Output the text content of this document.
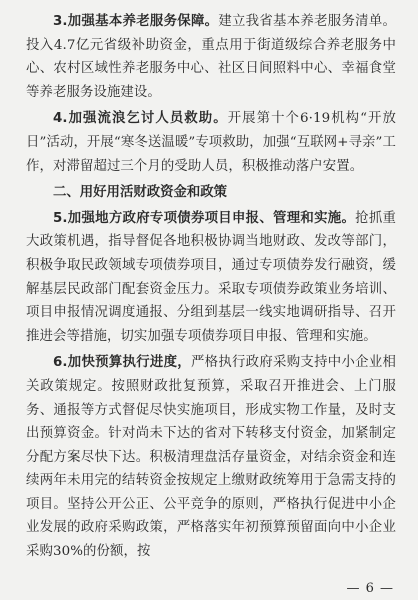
3.加强基本养老服务保障。建立我省基本养老服务清单。投入4.7亿元省级补助资金，重点用于街道级综合养老服务中心、农村区域性养老服务中心、社区日间照料中心、幸福食堂等养老服务设施建设。

4.加强流浪乞讨人员救助。开展第十个6·19机构“开放日”活动，开展“寒冬送温暖”专项救助，加强“互联网+寻亲”工作，对滞留超过三个月的受助人员，积极推动落户安置。

二、用好用活财政资金和政策

5.加强地方政府专项债券项目申报、管理和实施。抢抓重大政策机遇，指导督促各地积极协调当地财政、发改等部门，积极争取民政领域专项债券项目，通过专项债券发行融资，缓解基层民政部门配套资金压力。采取专项债券政策业务培训、项目申报情况调度通报、分组到基层一线实地调研指导、召开推进会等措施，切实加强专项债券项目申报、管理和实施。

6.加快预算执行进度，严格执行政府采购支持中小企业相关政策规定。按照财政批复预算，采取召开推进会、上门服务、通报等方式督促尽快实施项目，形成实物工作量，及时支出预算资金。针对尚未下达的省对下转移支付资金，加紧制定分配方案尽快下达。积极清理盘活存量资金，对结余资金和连续两年未用完的结转资金按规定上缴财政统筹用于急需支持的项目。坚持公开公正、公平竞争的原则，严格执行促进中小企业发展的政府采购政策，严格落实年初预算预留面向中小企业采购30%的份额，按

— 6 —
